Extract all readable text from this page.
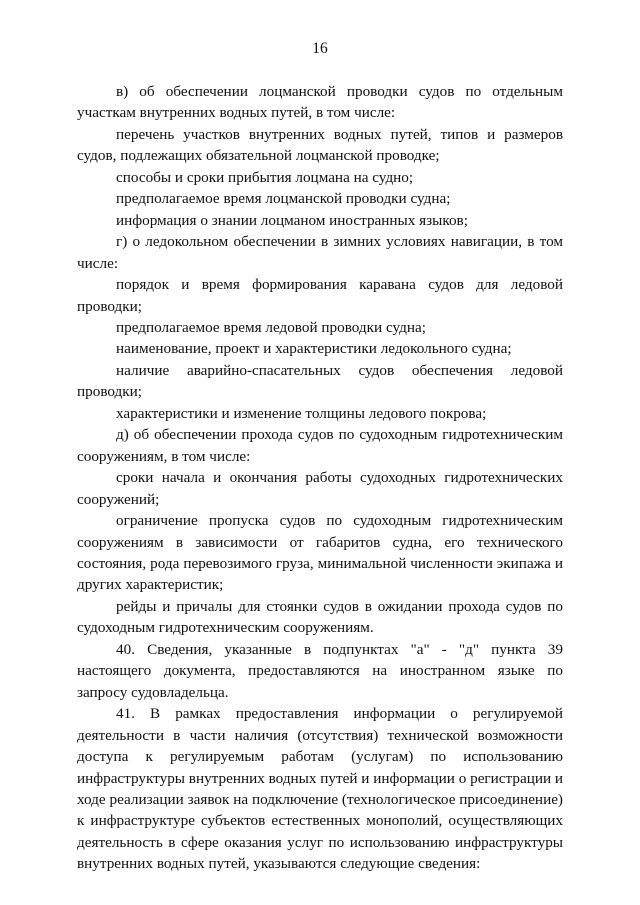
16

в) об обеспечении лоцманской проводки судов по отдельным участкам внутренних водных путей, в том числе:

перечень участков внутренних водных путей, типов и размеров судов, подлежащих обязательной лоцманской проводке;

способы и сроки прибытия лоцмана на судно;

предполагаемое время лоцманской проводки судна;

информация о знании лоцманом иностранных языков;

г) о ледокольном обеспечении в зимних условиях навигации, в том числе:

порядок и время формирования каравана судов для ледовой проводки;

предполагаемое время ледовой проводки судна;

наименование, проект и характеристики ледокольного судна;

наличие аварийно-спасательных судов обеспечения ледовой проводки;

характеристики и изменение толщины ледового покрова;

д) об обеспечении прохода судов по судоходным гидротехническим сооружениям, в том числе:

сроки начала и окончания работы судоходных гидротехнических сооружений;

ограничение пропуска судов по судоходным гидротехническим сооружениям в зависимости от габаритов судна, его технического состояния, рода перевозимого груза, минимальной численности экипажа и других характеристик;

рейды и причалы для стоянки судов в ожидании прохода судов по судоходным гидротехническим сооружениям.

40. Сведения, указанные в подпунктах "а" - "д" пункта 39 настоящего документа, предоставляются на иностранном языке по запросу судовладельца.

41. В рамках предоставления информации о регулируемой деятельности в части наличия (отсутствия) технической возможности доступа к регулируемым работам (услугам) по использованию инфраструктуры внутренних водных путей и информации о регистрации и ходе реализации заявок на подключение (технологическое присоединение) к инфраструктуре субъектов естественных монополий, осуществляющих деятельность в сфере оказания услуг по использованию инфраструктуры внутренних водных путей, указываются следующие сведения:
